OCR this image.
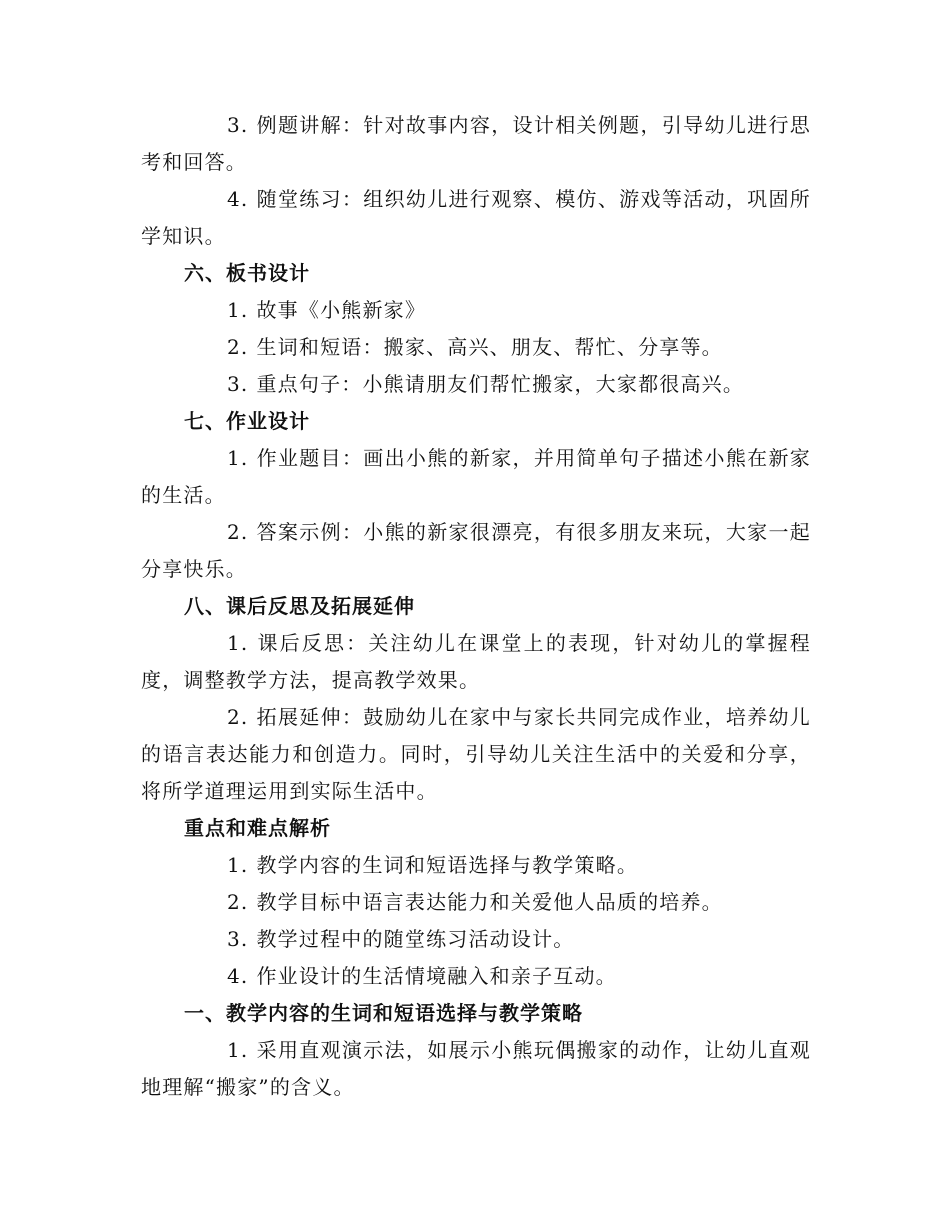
3. 例题讲解：针对故事内容，设计相关例题，引导幼儿进行思考和回答。

4. 随堂练习：组织幼儿进行观察、模仿、游戏等活动，巩固所学知识。

六、板书设计

1. 故事《小熊新家》

2. 生词和短语：搬家、高兴、朋友、帮忙、分享等。

3. 重点句子：小熊请朋友们帮忙搬家，大家都很高兴。

七、作业设计

1. 作业题目：画出小熊的新家，并用简单句子描述小熊在新家的生活。

2. 答案示例：小熊的新家很漂亮，有很多朋友来玩，大家一起分享快乐。

八、课后反思及拓展延伸

1. 课后反思：关注幼儿在课堂上的表现，针对幼儿的掌握程度，调整教学方法，提高教学效果。

2. 拓展延伸：鼓励幼儿在家中与家长共同完成作业，培养幼儿的语言表达能力和创造力。同时，引导幼儿关注生活中的关爱和分享，将所学道理运用到实际生活中。

重点和难点解析

1. 教学内容的生词和短语选择与教学策略。

2. 教学目标中语言表达能力和关爱他人品质的培养。

3. 教学过程中的随堂练习活动设计。

4. 作业设计的生活情境融入和亲子互动。

一、教学内容的生词和短语选择与教学策略

1. 采用直观演示法，如展示小熊玩偶搬家的动作，让幼儿直观地理解“搬家”的含义。
